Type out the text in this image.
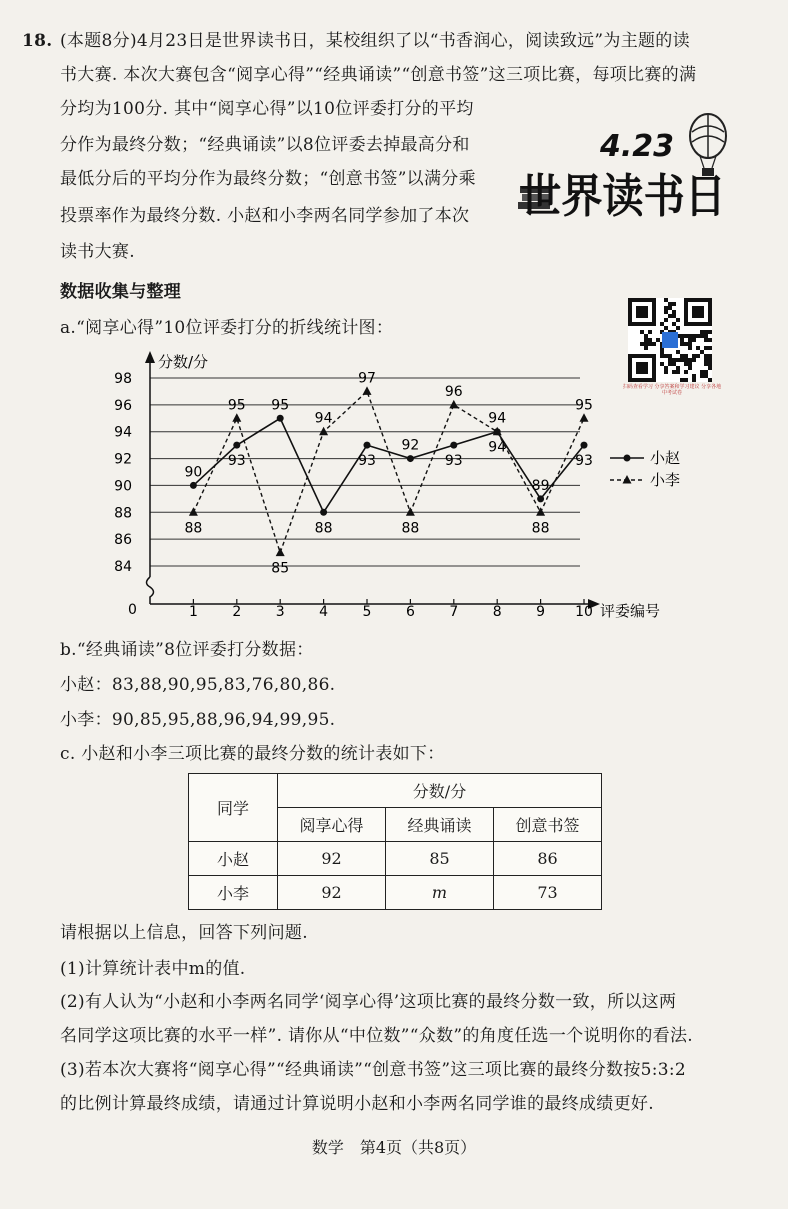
18. (本题8分)4月23日是世界读书日，某校组织了以“书香润心，阅读致远”为主题的读
书大赛. 本次大赛包含“阅享心得”“经典诵读”“创意书签”这三项比赛，每项比赛的满
分均为100分. 其中“阅享心得”以10位评委打分的平均
分作为最终分数；“经典诵读”以8位评委去掉最高分和
最低分后的平均分作为最终分数；“创意书签”以满分乘
投票率作为最终分数. 小赵和小李两名同学参加了本次
读书大赛.
4.23
世界读书日
数据收集与整理
a.“阅享心得”10位评委打分的折线统计图：
扫码查看学习 分享答案和学习建议 分享各地中考试卷
84
86
88
90
92
94
96
98
分数/分
0	1 2 3 4 5 6 7 8 9 10 评委编号
90
88
93
95 95
85
88
94
93
97
92
88
93
96
94
94
89
88
93
95
小赵
小李
b.“经典诵读”8位评委打分数据：
小赵：83,88,90,95,83,76,80,86.
小李：90,85,95,88,96,94,99,95.
c. 小赵和小李三项比赛的最终分数的统计表如下：
同学	分数/分		
	阅享心得	经典诵读	创意书签
小赵	92	85	86
小李	92	m	73
请根据以上信息，回答下列问题.
(1)计算统计表中m的值.
(2)有人认为“小赵和小李两名同学‘阅享心得’这项比赛的最终分数一致，所以这两
名同学这项比赛的水平一样”. 请你从“中位数”“众数”的角度任选一个说明你的看法.
(3)若本次大赛将“阅享心得”“经典诵读”“创意书签”这三项比赛的最终分数按5:3:2
的比例计算最终成绩，请通过计算说明小赵和小李两名同学谁的最终成绩更好.
数学　第4页（共8页）
